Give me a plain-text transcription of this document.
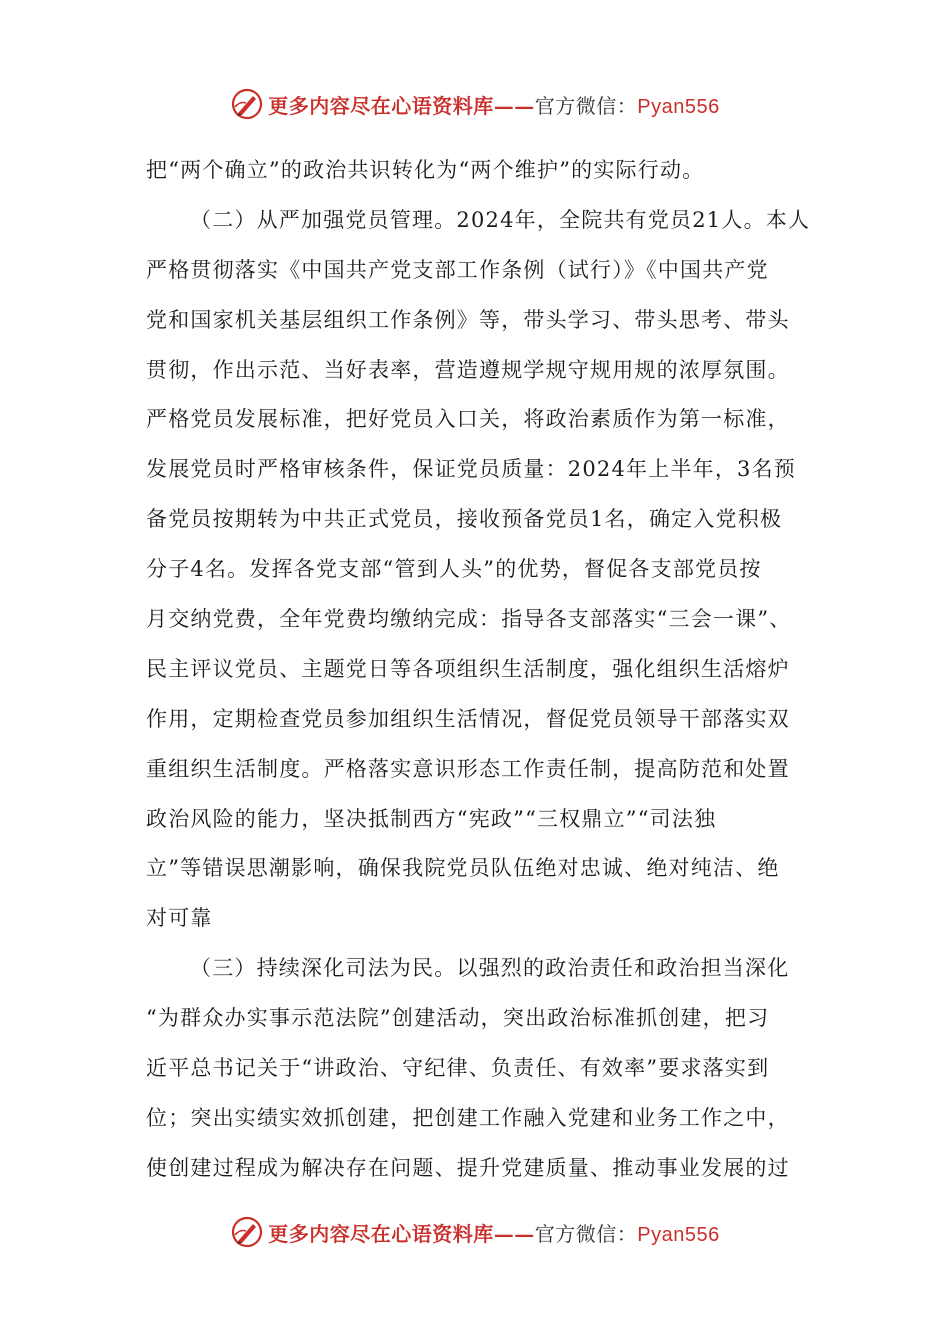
更多内容尽在心语资料库——官方微信：Pyan556
把“两个确立”的政治共识转化为“两个维护”的实际行动。
（二）从严加强党员管理。2024年，全院共有党员21人。本人
严格贯彻落实《中国共产党支部工作条例（试行）》《中国共产党
党和国家机关基层组织工作条例》等，带头学习、带头思考、带头
贯彻，作出示范、当好表率，营造遵规学规守规用规的浓厚氛围。
严格党员发展标准，把好党员入口关，将政治素质作为第一标准，
发展党员时严格审核条件，保证党员质量：2024年上半年，3名预
备党员按期转为中共正式党员，接收预备党员1名，确定入党积极
分子4名。发挥各党支部“管到人头”的优势，督促各支部党员按
月交纳党费，全年党费均缴纳完成：指导各支部落实“三会一课”、
民主评议党员、主题党日等各项组织生活制度，强化组织生活熔炉
作用，定期检查党员参加组织生活情况，督促党员领导干部落实双
重组织生活制度。严格落实意识形态工作责任制，提高防范和处置
政治风险的能力，坚决抵制西方“宪政”“三权鼎立”“司法独
立”等错误思潮影响，确保我院党员队伍绝对忠诚、绝对纯洁、绝
对可靠
（三）持续深化司法为民。以强烈的政治责任和政治担当深化
“为群众办实事示范法院”创建活动，突出政治标准抓创建，把习
近平总书记关于“讲政治、守纪律、负责任、有效率”要求落实到
位；突出实绩实效抓创建，把创建工作融入党建和业务工作之中，
使创建过程成为解决存在问题、提升党建质量、推动事业发展的过
更多内容尽在心语资料库——官方微信：Pyan556
